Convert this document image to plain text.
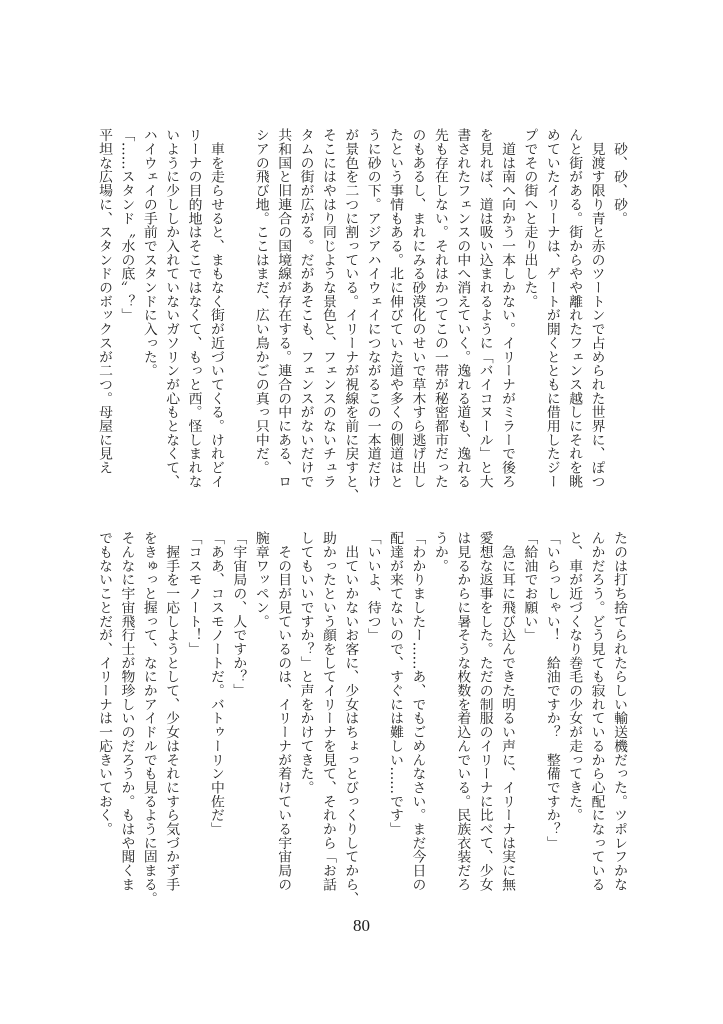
　砂、砂、砂。
　見渡す限り青と赤のツートンで占められた世界に、ぽつ
んと街がある。街からやや離れたフェンス越しにそれを眺
めていたイリーナは、ゲートが開くとともに借用したジー
プでその街へと走り出した。
　道は南へ向かう一本しかない。イリーナがミラーで後ろ
を見れば、道は吸い込まれるように「バイコヌール」と大
書されたフェンスの中へ消えていく。逸れる道も、逸れる
先も存在しない。それはかつてこの一帯が秘密都市だった
のもあるし、まれにみる砂漠化のせいで草木すら逃げ出し
たという事情もある。北に伸びていた道や多くの側道はと
うに砂の下。アジアハイウェイにつながるこの一本道だけ
が景色を二つに割っている。イリーナが視線を前に戻すと、
そこにはやはり同じような景色と、フェンスのないチュラ
タムの街が広がる。だがあそこも、フェンスがないだけで
共和国と旧連合の国境線が存在する。連合の中にある、ロ
シアの飛び地。ここはまだ、広い鳥かごの真っ只中だ。
　車を走らせると、まもなく街が近づいてくる。けれどイ
リーナの目的地はそこではなくて、もっと西。怪しまれな
いように少ししか入れていないガソリンが心もとなくて、
ハイウェイの手前でスタンドに入った。
「……スタンド〝水の底〟？」
平坦な広場に、スタンドのボックスが二つ。母屋に見え
たのは打ち捨てられたらしい輸送機だった。ツポレフかな
んかだろう。どう見ても寂れているから心配になっている
と、車が近づくなり巻毛の少女が走ってきた。
「いらっしゃい！　給油ですか？　整備ですか？」
「給油でお願い」
　急に耳に飛び込んできた明るい声に、イリーナは実に無
愛想な返事をした。ただの制服のイリーナに比べて、少女
は見るからに暑そうな枚数を着込んでいる。民族衣装だろ
うか。
「わかりましたー……あ、でもごめんなさい。まだ今日の
配達が来てないので、すぐには難しい……です」
「いいよ、待つ」
　出ていかないお客に、少女はちょっとびっくりしてから、
助かったという顔をしてイリーナを見て、それから「お話
してもいいですか？」と声をかけてきた。
　その目が見ているのは、イリーナが着けている宇宙局の
腕章ワッペン。
「宇宙局の、人ですか？」
「ああ、コスモノートだ。バトゥーリン中佐だ」
「コスモノート！」
　握手を一応しようとして、少女はそれにすら気づかず手
をきゅっと握って、なにかアイドルでも見るように固まる。
そんなに宇宙飛行士が物珍しいのだろうか。もはや聞くま
でもないことだが、イリーナは一応きいておく。
80
